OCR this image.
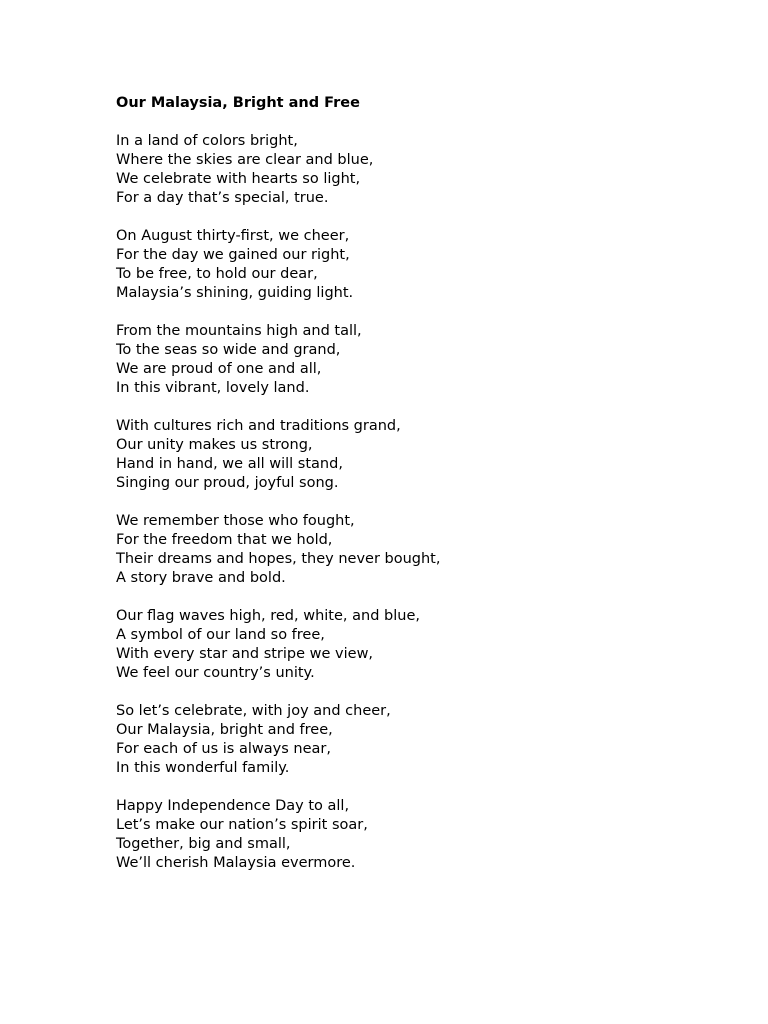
Our Malaysia, Bright and Free
In a land of colors bright,
Where the skies are clear and blue,
We celebrate with hearts so light,
For a day that’s special, true.
On August thirty-first, we cheer,
For the day we gained our right,
To be free, to hold our dear,
Malaysia’s shining, guiding light.
From the mountains high and tall,
To the seas so wide and grand,
We are proud of one and all,
In this vibrant, lovely land.
With cultures rich and traditions grand,
Our unity makes us strong,
Hand in hand, we all will stand,
Singing our proud, joyful song.
We remember those who fought,
For the freedom that we hold,
Their dreams and hopes, they never bought,
A story brave and bold.
Our flag waves high, red, white, and blue,
A symbol of our land so free,
With every star and stripe we view,
We feel our country’s unity.
So let’s celebrate, with joy and cheer,
Our Malaysia, bright and free,
For each of us is always near,
In this wonderful family.
Happy Independence Day to all,
Let’s make our nation’s spirit soar,
Together, big and small,
We’ll cherish Malaysia evermore.
